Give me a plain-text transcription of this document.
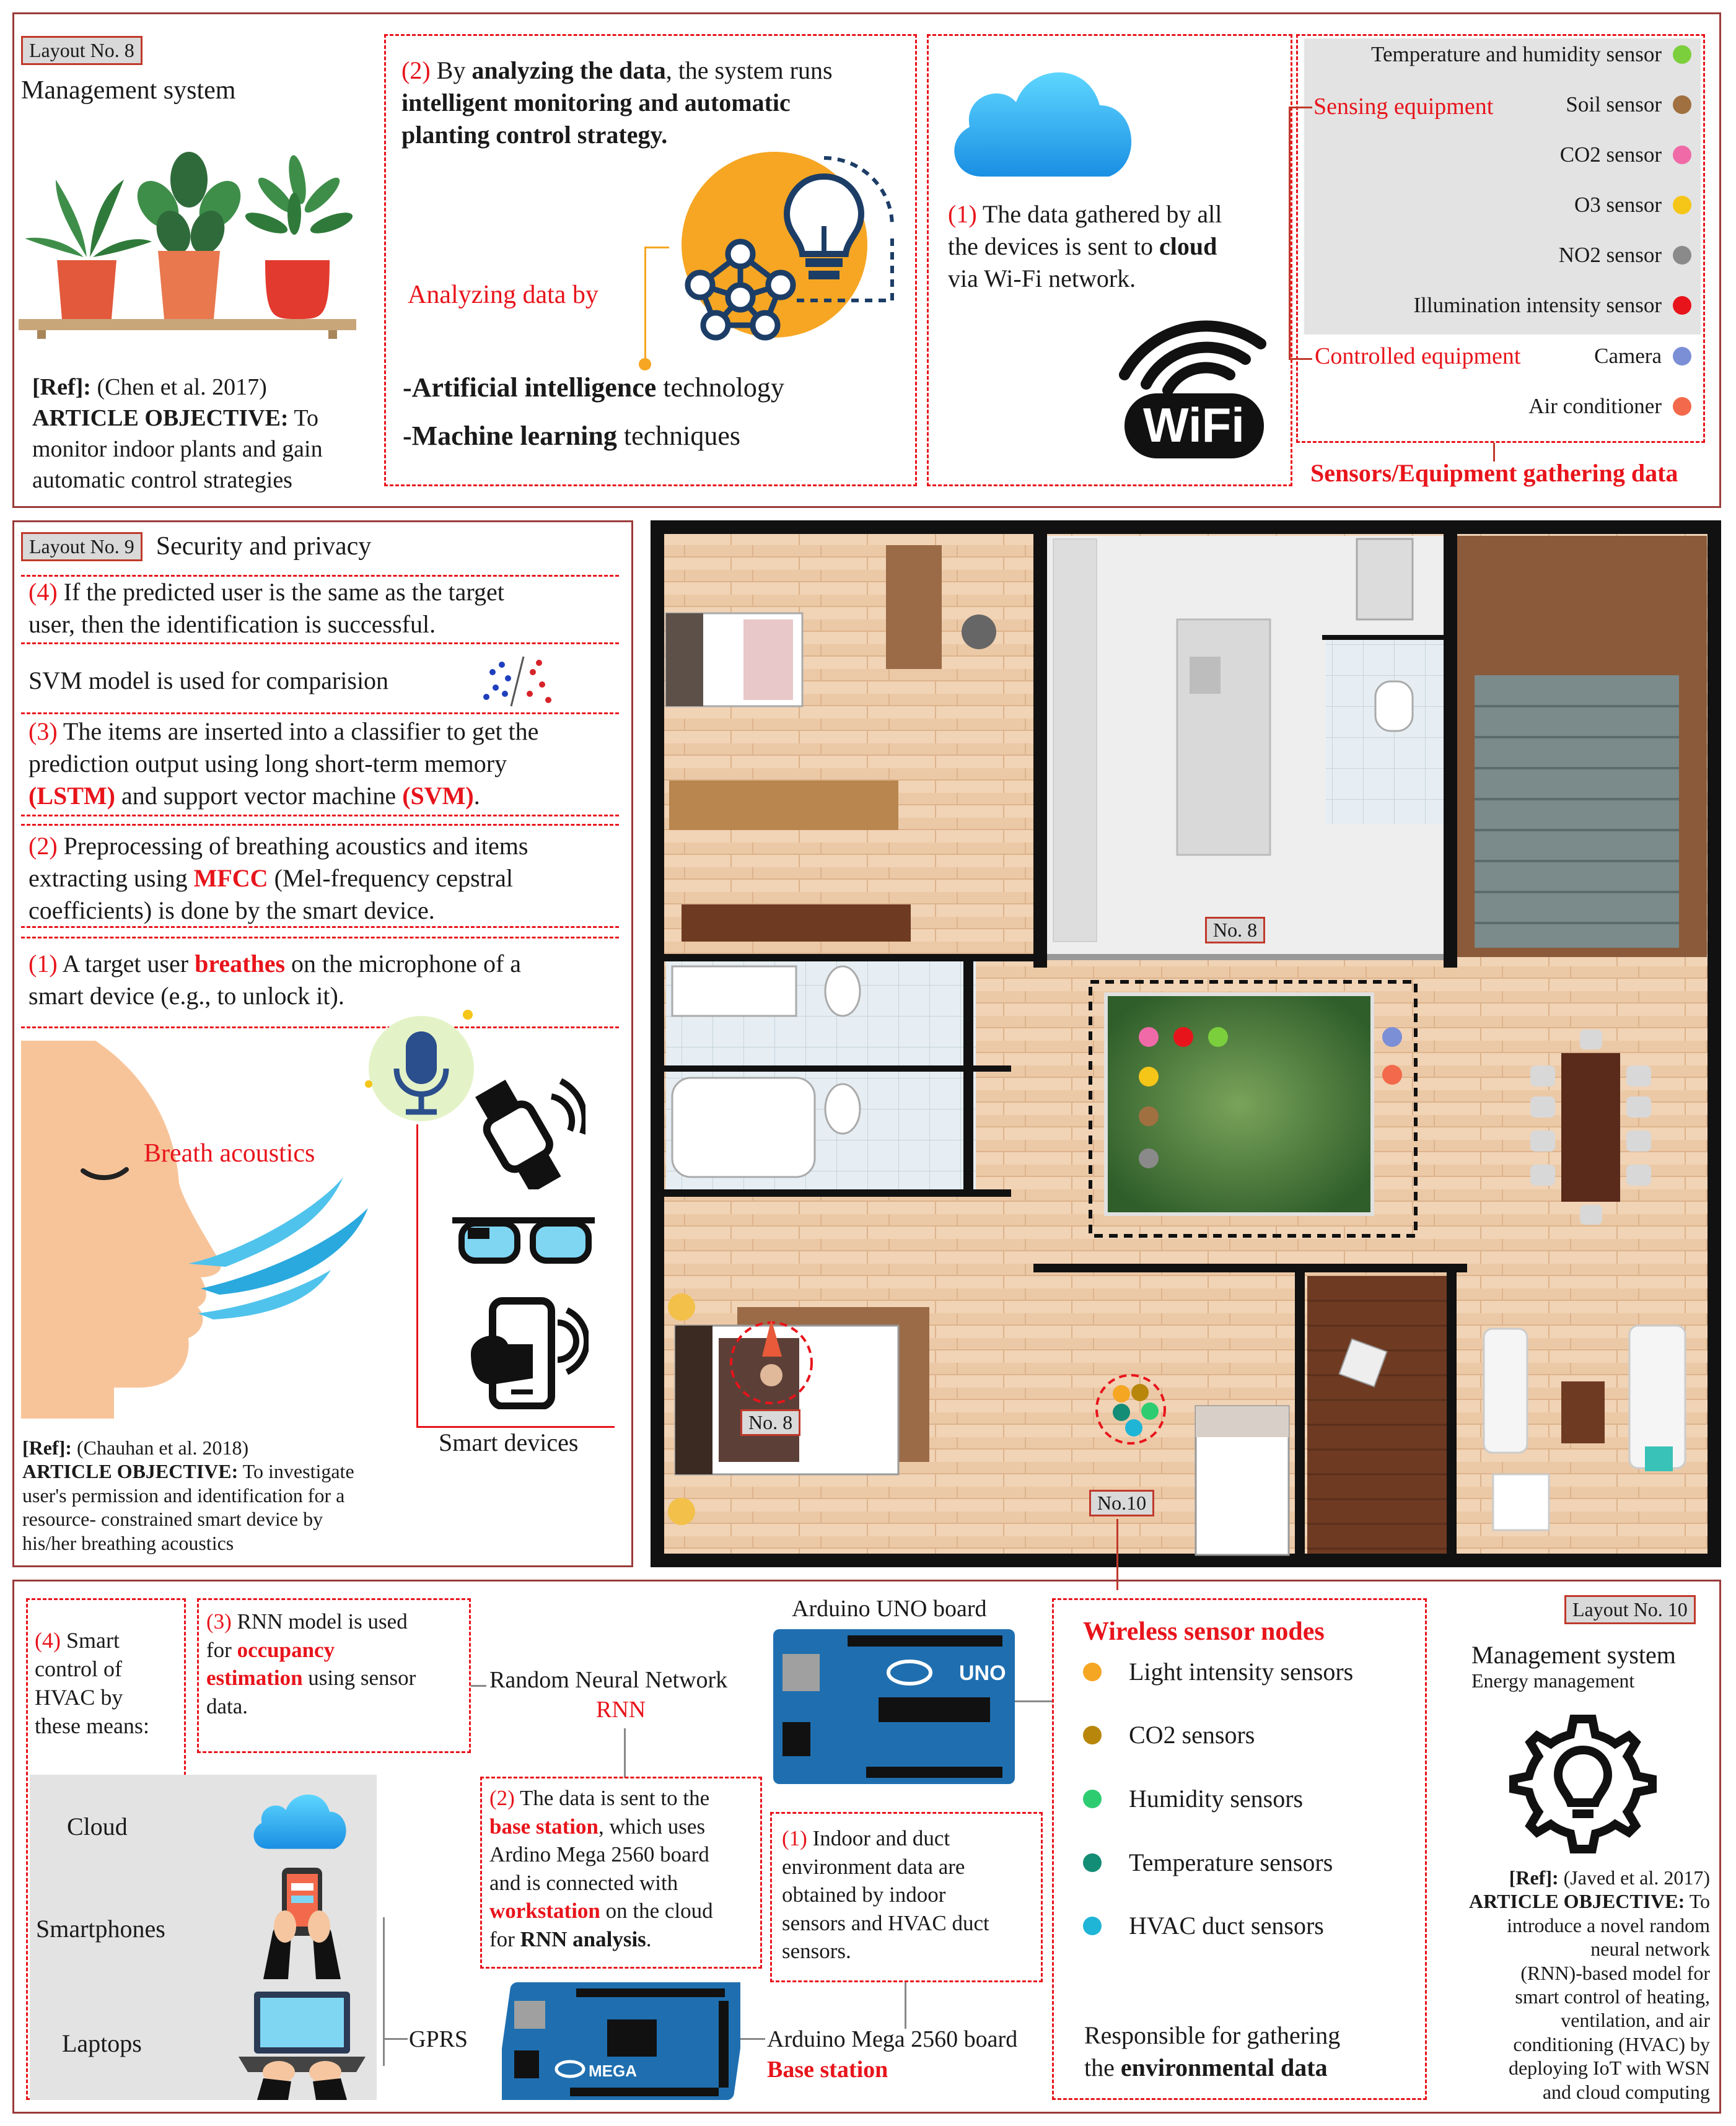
Layout No. 8
Management system
[Ref]: (Chen et al. 2017)
ARTICLE OBJECTIVE: To
monitor indoor plants and gain
automatic control strategies
(2) By analyzing the data, the system runs
intelligent monitoring and automatic
planting control strategy.
Analyzing data by
-Artificial intelligence technology
-Machine learning techniques
(1) The data gathered by all
the devices is sent to cloud
via Wi-Fi network.
WiFi
Temperature and humidity sensor
Soil sensor
CO2 sensor
O3 sensor
NO2 sensor
Illumination intensity sensor
Sensing equipment
Camera
Air conditioner
Controlled equipment
Sensors/Equipment gathering data
Layout No. 9 Security and privacy
(4) If the predicted user is the same as the target
user, then the identification is successful.
SVM model is used for comparision
(3) The items are inserted into a classifier to get the
prediction output using long short-term memory
(LSTM) and support vector machine (SVM).
(2) Preprocessing of breathing acoustics and items
extracting using MFCC (Mel-frequency cepstral
coefficients) is done by the smart device.
(1) A target user breathes on the microphone of a
smart device (e.g., to unlock it).
Breath acoustics
Smart devices
[Ref]: (Chauhan et al. 2018)
ARTICLE OBJECTIVE: To investigate
user's permission and identification for a
resource- constrained smart device by
his/her breathing acoustics
No. 8
No. 8
No.10
(4) Smart
control of
HVAC by
these means:
Cloud
Smartphones
Laptops	GPRS
(3) RNN model is used
for occupancy
estimation using sensor
data.
Random Neural Network
RNN
Arduino UNO board
UNO
(2) The data is sent to the
base station, which uses
Ardino Mega 2560 board
and is connected with
workstation on the cloud
for RNN analysis.
(1) Indoor and duct
environment data are
obtained by indoor
sensors and HVAC duct
sensors.
MEGA
Arduino Mega 2560 board
Base station
Wireless sensor nodes
Light intensity sensors
CO2 sensors
Humidity sensors
Temperature sensors
HVAC duct sensors
Responsible for gathering
the environmental data
Layout No. 10
Management system
Energy management
[Ref]: (Javed et al. 2017)
ARTICLE OBJECTIVE: To
introduce a novel random
neural network
(RNN)-based model for
smart control of heating,
ventilation, and air
conditioning (HVAC) by
deploying IoT with WSN
and cloud computing
